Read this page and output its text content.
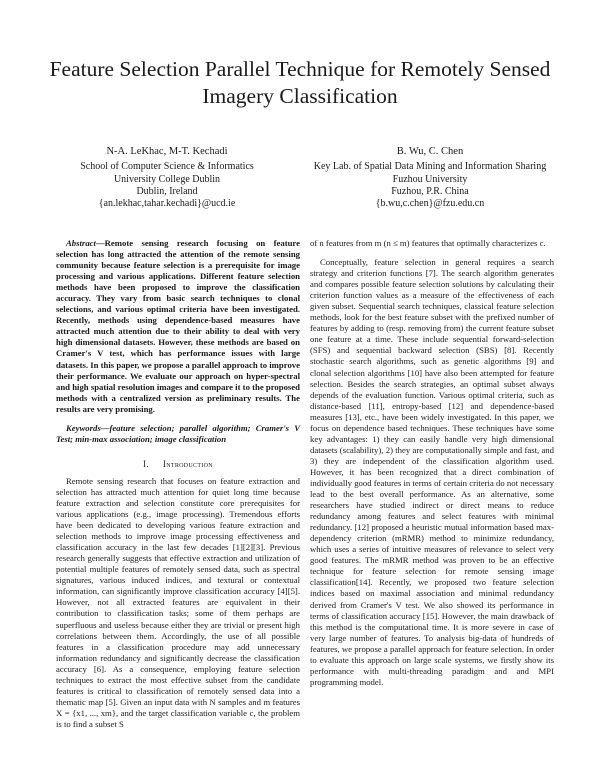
Feature Selection Parallel Technique for Remotely Sensed Imagery Classification
N-A. LeKhac, M-T. Kechadi
School of Computer Science & Informatics
University College Dublin
Dublin, Ireland
{an.lekhac,tahar.kechadi}@ucd.ie
B. Wu, C. Chen
Key Lab. of Spatial Data Mining and Information Sharing
Fuzhou University
Fuzhou, P.R. China
{b.wu,c.chen}@fzu.edu.cn

Abstract—Remote sensing research focusing on feature selection has long attracted the attention of the remote sensing community because feature selection is a prerequisite for image processing and various applications. Different feature selection methods have been proposed to improve the classification accuracy. They vary from basic search techniques to clonal selections, and various optimal criteria have been investigated. Recently, methods using dependence-based measures have attracted much attention due to their ability to deal with very high dimensional datasets. However, these methods are based on Cramer's V test, which has performance issues with large datasets. In this paper, we propose a parallel approach to improve their performance. We evaluate our approach on hyper-spectral and high spatial resolution images and compare it to the proposed methods with a centralized version as preliminary results. The results are very promising.

Keywords—feature selection; parallel algorithm; Cramer's V Test; min-max association; image classification

I. Introduction

Remote sensing research that focuses on feature extraction and selection has attracted much attention for quiet long time because feature extraction and selection constitute core prerequisites for various applications (e.g., image processing). Tremendous efforts have been dedicated to developing various feature extraction and selection methods to improve image processing effectiveness and classification accuracy in the last few decades [1][2][3]. Previous research generally suggests that effective extraction and utilization of potential multiple features of remotely sensed data, such as spectral signatures, various induced indices, and textural or contextual information, can significantly improve classification accuracy [4][5]. However, not all extracted features are equivalent in their contribution to classification tasks; some of them perhaps are superfluous and useless because either they are trivial or present high correlations between them. Accordingly, the use of all possible features in a classification procedure may add unnecessary information redundancy and significantly decrease the classification accuracy [6]. As a consequence, employing feature selection techniques to extract the most effective subset from the candidate features is critical to classification of remotely sensed data into a thematic map [5]. Given an input data with N samples and m features X = {x1, ..., xm}, and the target classification variable c, the problem is to find a subset S

of n features from m (n ≤ m) features that optimally characterizes c.

Conceptually, feature selection in general requires a search strategy and criterion functions [7]. The search algorithm generates and compares possible feature selection solutions by calculating their criterion function values as a measure of the effectiveness of each given subset. Sequential search techniques, classical feature selection methods, look for the best feature subset with the prefixed number of features by adding to (resp. removing from) the current feature subset one feature at a time. These include sequential forward-selection (SFS) and sequential backward selection (SBS) [8]. Recently stochastic search algorithms, such as genetic algorithms [9] and clonal selection algorithms [10] have also been attempted for feature selection. Besides the search strategies, an optimal subset always depends of the evaluation function. Various optimal criteria, such as distance-based [11], entropy-based [12] and dependence-based measures [13], etc., have been widely investigated. In this paper, we focus on dependence based techniques. These techniques have some key advantages: 1) they can easily handle very high dimensional datasets (scalability), 2) they are computationally simple and fast, and 3) they are independent of the classification algorithm used. However, it has been recognized that a direct combination of individually good features in terms of certain criteria do not necessary lead to the best overall performance. As an alternative, some researchers have studied indirect or direct means to reduce redundancy among features and select features with minimal redundancy. [12] proposed a heuristic mutual information based max-dependency criterion (mRMR) method to minimize redundancy, which uses a series of intuitive measures of relevance to select very good features. The mRMR method was proven to be an effective technique for feature selection for remote sensing image classification[14]. Recently, we proposed two feature selection indices based on maximal association and minimal redundancy derived from Cramer's V test. We also showed its performance in terms of classification accuracy [15]. However, the main drawback of this method is the computational time. It is more severe in case of very large number of features. To analysis big-data of hundreds of features, we propose a parallel approach for feature selection. In order to evaluate this approach on large scale systems, we firstly show its performance with multi-threading paradigm and and MPI programming model.
